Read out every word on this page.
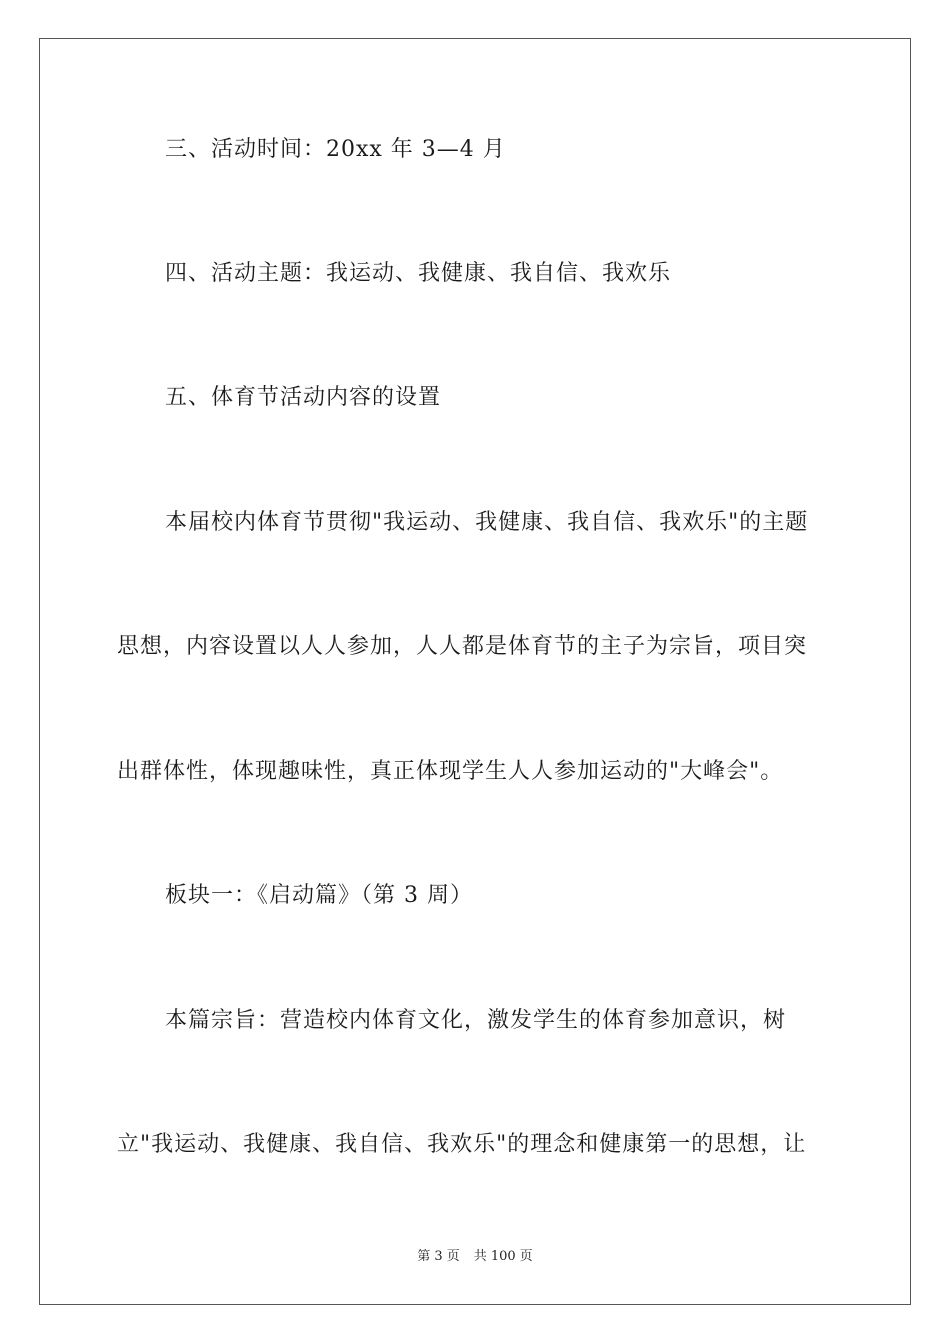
三、活动时间：20xx 年 3—4 月
四、活动主题：我运动、我健康、我自信、我欢乐
五、体育节活动内容的设置
本届校内体育节贯彻"我运动、我健康、我自信、我欢乐"的主题
思想，内容设置以人人参加，人人都是体育节的主子为宗旨，项目突
出群体性，体现趣味性，真正体现学生人人参加运动的"大峰会"。
板块一：《启动篇》（第 3 周）
本篇宗旨：营造校内体育文化，激发学生的体育参加意识，树
立"我运动、我健康、我自信、我欢乐"的理念和健康第一的思想，让
第 3 页 共 100 页
